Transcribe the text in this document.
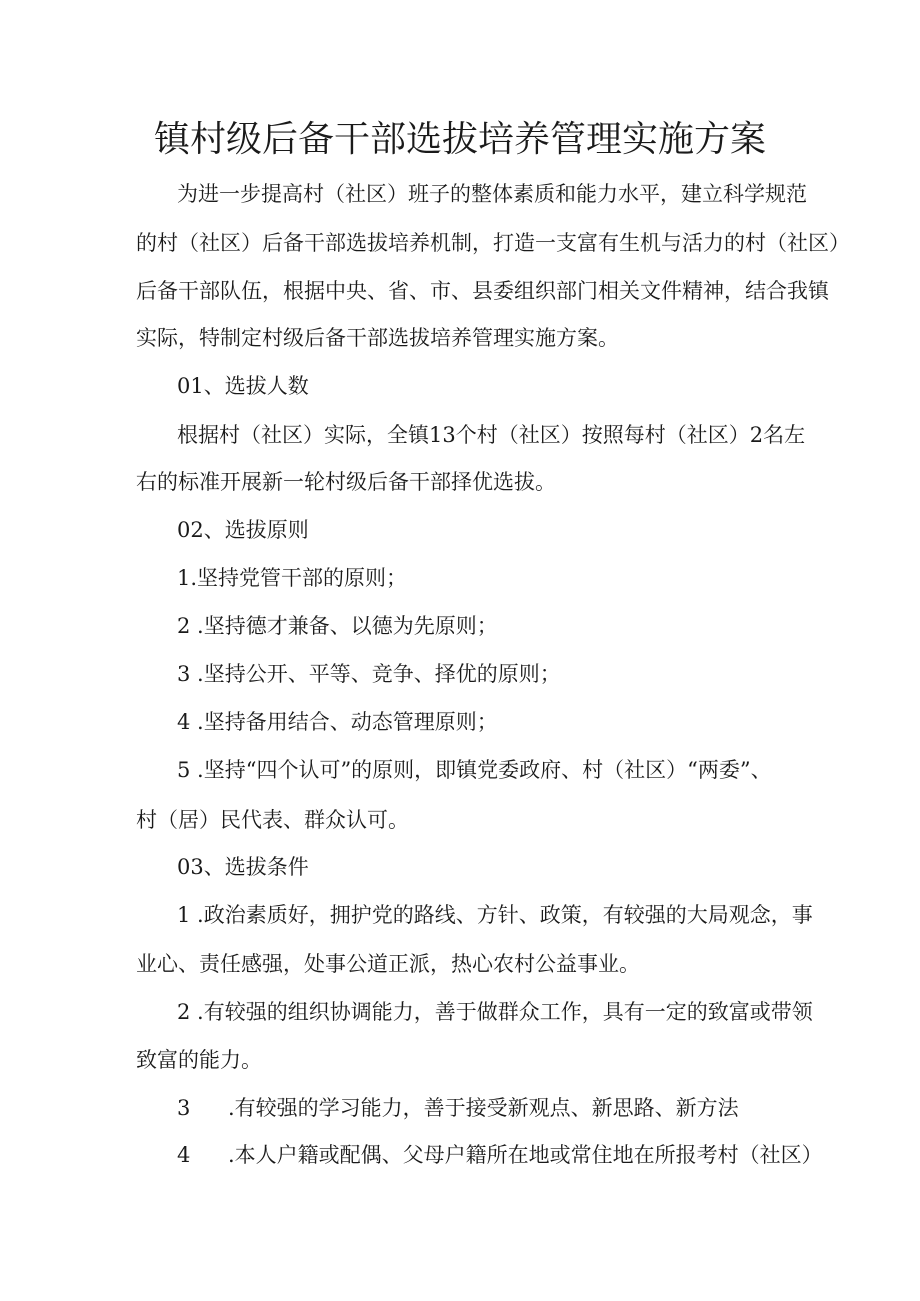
镇村级后备干部选拔培养管理实施方案
为进一步提高村（社区）班子的整体素质和能力水平，建立科学规范
的村（社区）后备干部选拔培养机制，打造一支富有生机与活力的村（社区）
后备干部队伍，根据中央、省、市、县委组织部门相关文件精神，结合我镇
实际，特制定村级后备干部选拔培养管理实施方案。
01、选拔人数
根据村（社区）实际，全镇13个村（社区）按照每村（社区）2名左
右的标准开展新一轮村级后备干部择优选拔。
02、选拔原则
1.坚持党管干部的原则；
2 .坚持德才兼备、以德为先原则；
3 .坚持公开、平等、竞争、择优的原则；
4 .坚持备用结合、动态管理原则；
5 .坚持“四个认可”的原则，即镇党委政府、村（社区）“两委”、
村（居）民代表、群众认可。
03、选拔条件
1 .政治素质好，拥护党的路线、方针、政策，有较强的大局观念，事
业心、责任感强，处事公道正派，热心农村公益事业。
2 .有较强的组织协调能力，善于做群众工作，具有一定的致富或带领
致富的能力。
3 .有较强的学习能力，善于接受新观点、新思路、新方法
4 .本人户籍或配偶、父母户籍所在地或常住地在所报考村（社区）
